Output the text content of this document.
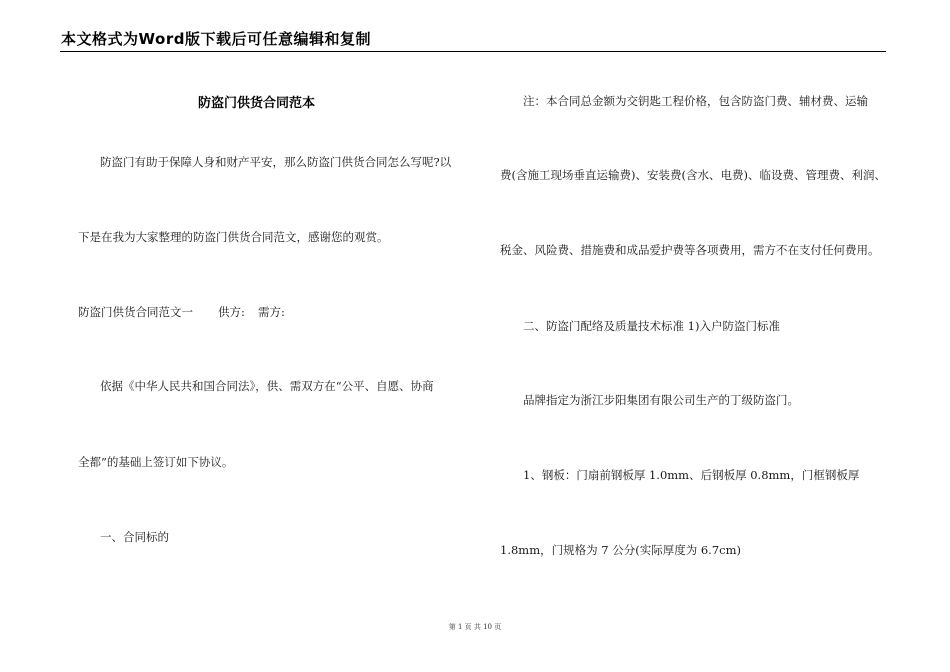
本文格式为Word版下载后可任意编辑和复制
防盗门供货合同范本
防盗门有助于保障人身和财产平安，那么防盗门供货合同怎么写呢?以
下是在我为大家整理的防盗门供货合同范文，感谢您的观赏。
防盗门供货合同范文一 供方: 需方:
依据《中华人民共和国合同法》，供、需双方在“公平、自愿、协商
全都”的基础上签订如下协议。
一、合同标的
注：本合同总金额为交钥匙工程价格，包含防盗门费、辅材费、运输
费(含施工现场垂直运输费)、安装费(含水、电费)、临设费、管理费、利润、
税金、风险费、措施费和成品爱护费等各项费用，需方不在支付任何费用。
二、防盗门配络及质量技术标准 1)入户防盗门标准
品牌指定为浙江步阳集团有限公司生产的丁级防盗门。
1、钢板：门扇前钢板厚 1.0mm、后钢板厚 0.8mm，门框钢板厚
1.8mm，门规格为 7 公分(实际厚度为 6.7cm)
第 1 页 共 10 页
